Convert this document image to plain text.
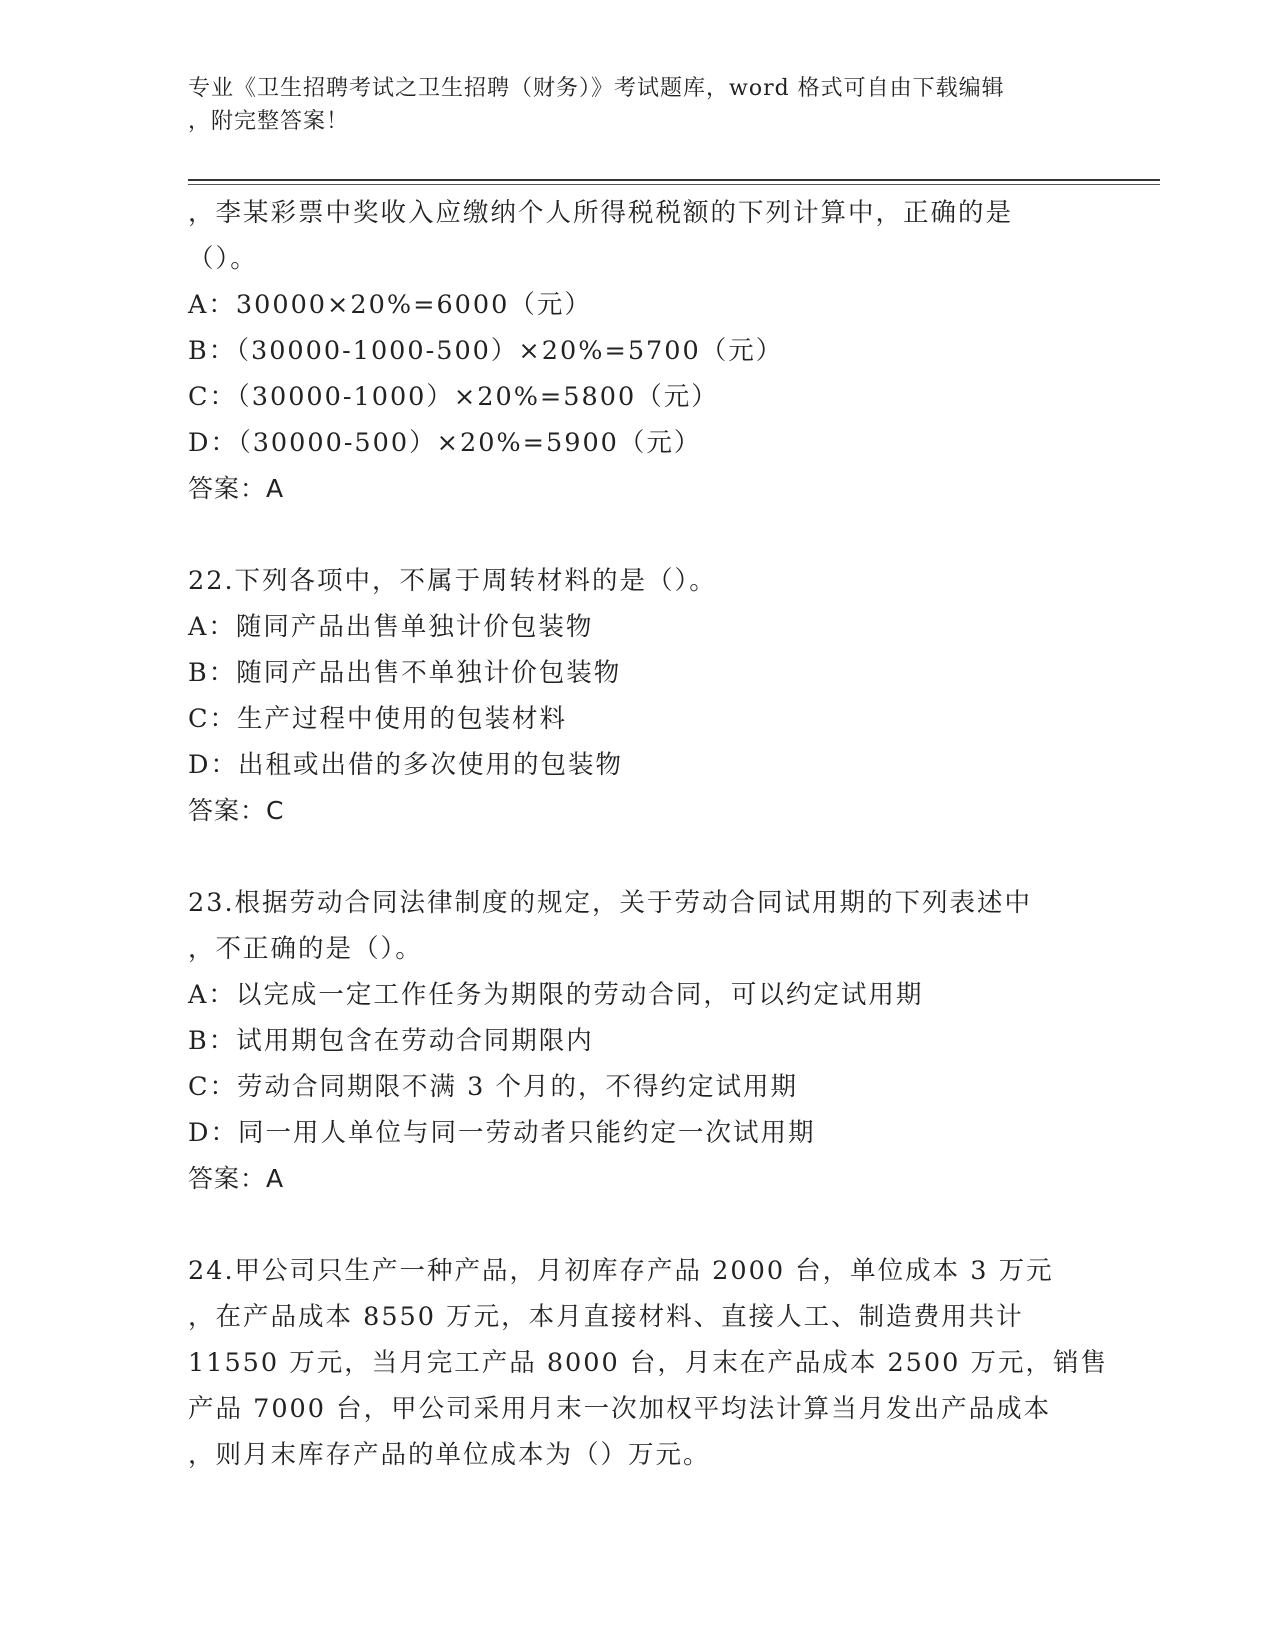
专业《卫生招聘考试之卫生招聘（财务）》考试题库，word 格式可自由下载编辑
，附完整答案！
，李某彩票中奖收入应缴纳个人所得税税额的下列计算中，正确的是
（）。
A：30000×20%=6000（元）
B：（30000-1000-500）×20%=5700（元）
C：（30000-1000）×20%=5800（元）
D：（30000-500）×20%=5900（元）
答案：A
22.下列各项中，不属于周转材料的是（）。
A：随同产品出售单独计价包装物
B：随同产品出售不单独计价包装物
C：生产过程中使用的包装材料
D：出租或出借的多次使用的包装物
答案：C
23.根据劳动合同法律制度的规定，关于劳动合同试用期的下列表述中
，不正确的是（）。
A：以完成一定工作任务为期限的劳动合同，可以约定试用期
B：试用期包含在劳动合同期限内
C：劳动合同期限不满 3 个月的，不得约定试用期
D：同一用人单位与同一劳动者只能约定一次试用期
答案：A
24.甲公司只生产一种产品，月初库存产品 2000 台，单位成本 3 万元
，在产品成本 8550 万元，本月直接材料、直接人工、制造费用共计
11550 万元，当月完工产品 8000 台，月末在产品成本 2500 万元，销售
产品 7000 台，甲公司采用月末一次加权平均法计算当月发出产品成本
，则月末库存产品的单位成本为（）万元。
